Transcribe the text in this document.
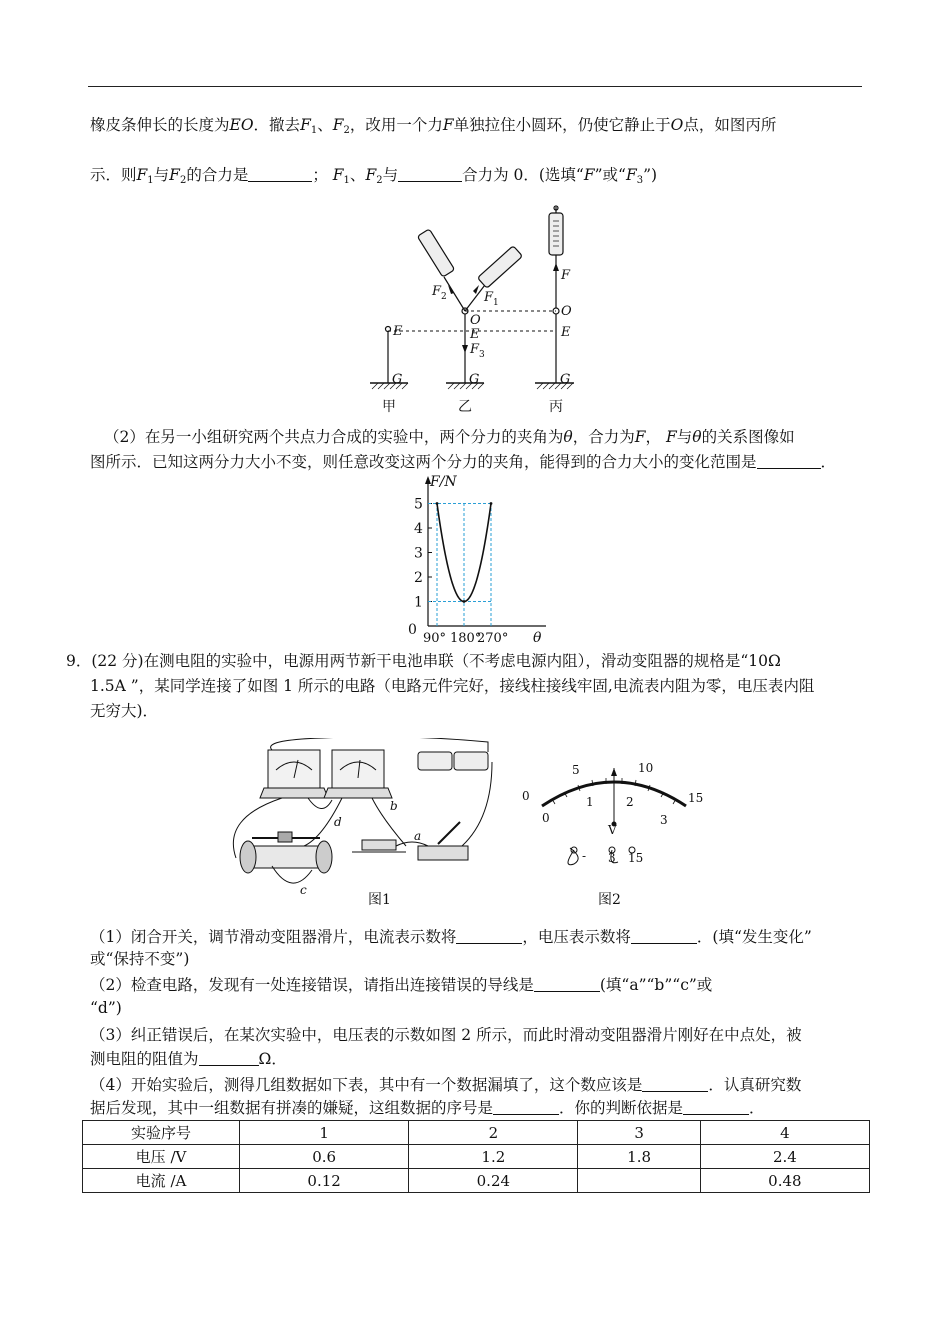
橡皮条伸长的长度为EO．撤去$F_1$、$F_2$，改用一个力F单独拉住小圆环，仍使它静止于O点，如图丙所
示．则$F_1$与$F_2$的合力是	； $F_1$、$F_2$与	合力为 0．(选填“F”或“$F_3$”)
F 2	F 1
O
E
F 3
E
F
O
E
G	G	G
甲	乙	丙
（2）在另一小组研究两个共点力合成的实验中，两个分力的夹角为θ，合力为F， F与θ的关系图像如
图所示．已知这两分力大小不变，则任意改变这两个分力的夹角，能得到的合力大小的变化范围是	．
0
1
2
3
4
5
F/N
90° 180°
270° θ
9．(22 分)在测电阻的实验中，电源用两节新干电池串联（不考虑电源内阻），滑动变阻器的规格是“10Ω
1.5A ”，某同学连接了如图 1 所示的电路（电路元件完好，接线柱接线牢固,电流表内阻为零，电压表内阻
无穷大)．
a
b
c
d
0
5	10
15
0
1	2
3
V
- 3 15
图1	图2
（1）闭合开关，调节滑动变阻器滑片，电流表示数将	，电压表示数将	．(填“发生变化”
或“保持不变”)
（2）检查电路，发现有一处连接错误，请指出连接错误的导线是	(填“a”“b”“c”或
“d”)
（3）纠正错误后，在某次实验中，电压表的示数如图 2 所示，而此时滑动变阻器滑片刚好在中点处，被
测电阻的阻值为	Ω．
（4）开始实验后，测得几组数据如下表，其中有一个数据漏填了，这个数应该是	．认真研究数
据后发现，其中一组数据有拼凑的嫌疑，这组数据的序号是	．你的判断依据是	．
实验序号	1	2	3	4
电压 /V	0.6	1.2	1.8	2.4
电流 /A	0.12	0.24		0.48
